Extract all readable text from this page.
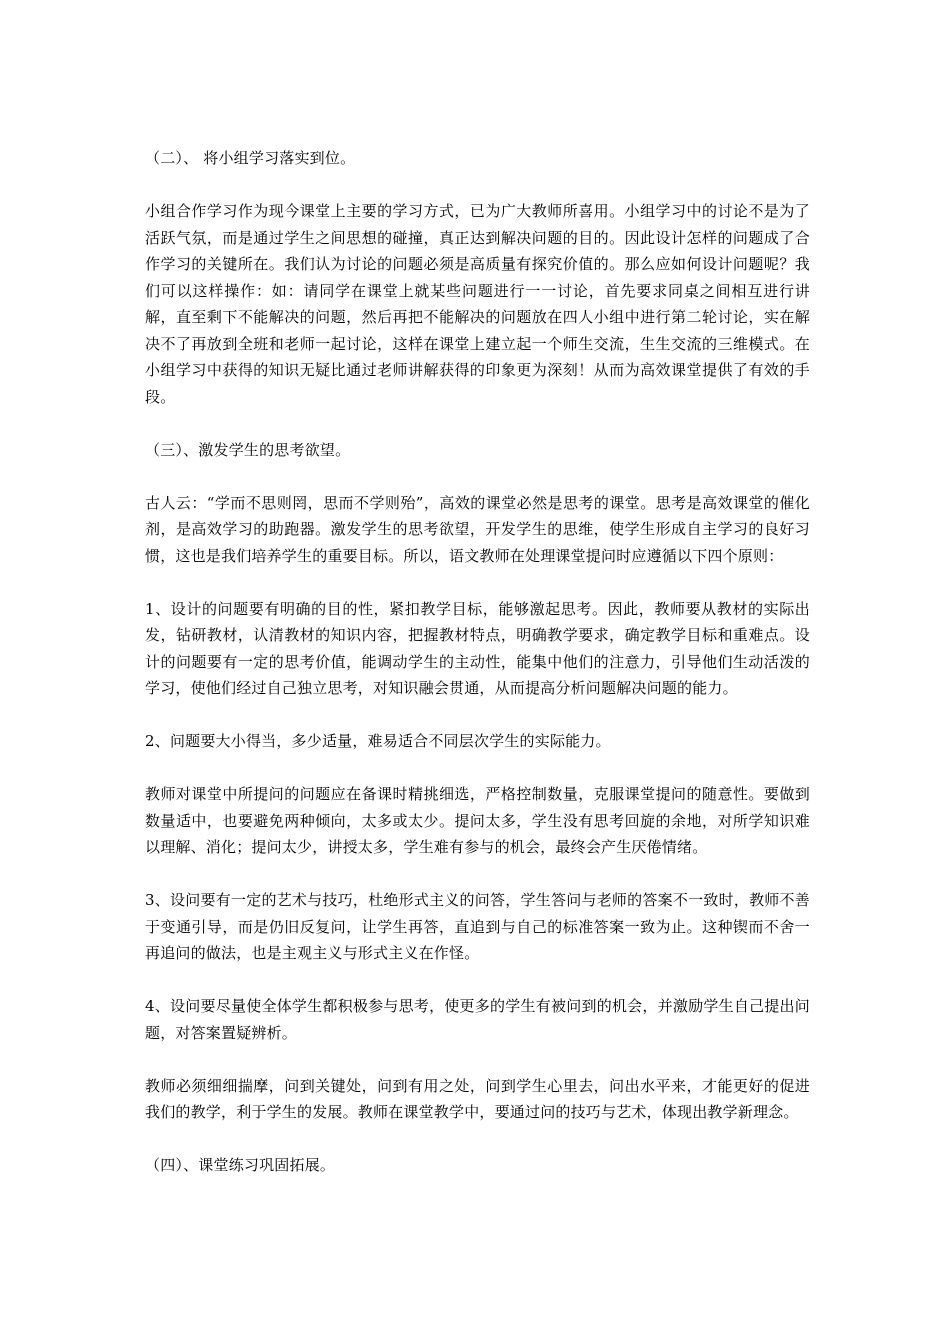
（二）、 将小组学习落实到位。

小组合作学习作为现今课堂上主要的学习方式，已为广大教师所喜用。小组学习中的讨论不是为了活跃气氛，而是通过学生之间思想的碰撞，真正达到解决问题的目的。因此设计怎样的问题成了合作学习的关键所在。我们认为讨论的问题必须是高质量有探究价值的。那么应如何设计问题呢？我们可以这样操作：如：请同学在课堂上就某些问题进行一一讨论，首先要求同桌之间相互进行讲解，直至剩下不能解决的问题，然后再把不能解决的问题放在四人小组中进行第二轮讨论，实在解决不了再放到全班和老师一起讨论，这样在课堂上建立起一个师生交流，生生交流的三维模式。在小组学习中获得的知识无疑比通过老师讲解获得的印象更为深刻！从而为高效课堂提供了有效的手段。

（三）、激发学生的思考欲望。

古人云：“学而不思则罔，思而不学则殆”，高效的课堂必然是思考的课堂。思考是高效课堂的催化剂，是高效学习的助跑器。激发学生的思考欲望，开发学生的思维，使学生形成自主学习的良好习惯，这也是我们培养学生的重要目标。所以，语文教师在处理课堂提问时应遵循以下四个原则：

1、设计的问题要有明确的目的性，紧扣教学目标，能够激起思考。因此，教师要从教材的实际出发，钻研教材，认清教材的知识内容，把握教材特点，明确教学要求，确定教学目标和重难点。设计的问题要有一定的思考价值，能调动学生的主动性，能集中他们的注意力，引导他们生动活泼的学习，使他们经过自己独立思考，对知识融会贯通，从而提高分析问题解决问题的能力。

2、问题要大小得当，多少适量，难易适合不同层次学生的实际能力。

教师对课堂中所提问的问题应在备课时精挑细选，严格控制数量，克服课堂提问的随意性。要做到数量适中，也要避免两种倾向，太多或太少。提问太多，学生没有思考回旋的余地，对所学知识难以理解、消化；提问太少，讲授太多，学生难有参与的机会，最终会产生厌倦情绪。

3、设问要有一定的艺术与技巧，杜绝形式主义的问答，学生答问与老师的答案不一致时，教师不善于变通引导，而是仍旧反复问，让学生再答，直追到与自己的标准答案一致为止。这种锲而不舍一再追问的做法，也是主观主义与形式主义在作怪。

4、设问要尽量使全体学生都积极参与思考，使更多的学生有被问到的机会，并激励学生自己提出问题，对答案置疑辨析。

教师必须细细揣摩，问到关键处，问到有用之处，问到学生心里去，问出水平来，才能更好的促进我们的教学，利于学生的发展。教师在课堂教学中，要通过问的技巧与艺术，体现出教学新理念。

（四）、课堂练习巩固拓展。
